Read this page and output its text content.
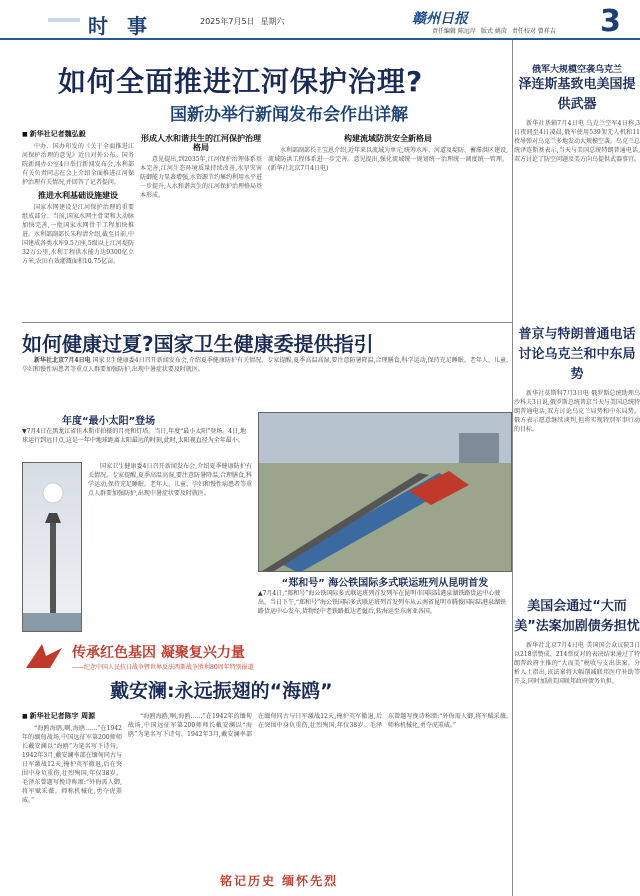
时 事	2025年7月5日 星期六	赣州日报
责任编辑 陈远岸 版式 姚茵 责任校对 曾祥吉 3
如何全面推进江河保护治理?
国新办举行新闻发布会作出详解
■ 新华社记者魏弘毅

中办、国办印发的《关于全面推进江河保护治理的意见》近日对外公布。国务院新闻办公室4日举行新闻发布会,水利部有关负责同志在会上介绍全面推进江河保护治理有关情况,并回答了记者提问。

推进水利基础设施建设

国家水网建设是江河保护治理的重要组成部分。当前,国家水网主骨架和大动脉加快完善,一批国家水网骨干工程加快推进。水利部副部长朱程清介绍,截至目前,中国建成各类水库9.5万座,5级以上江河堤防32万公里,水利工程供水能力达9300亿立方米,农田有效灌溉面积10.75亿亩。

形成人水和谐共生的江河保护治理格局

意见提出,到2035年,江河保护治理体系基本完善,江河生态环境质量持续改善,水旱灾害防御能力显著增强,水资源节约集约利用水平进一步提升,人水和谐共生的江河保护治理格局基本形成。

构建流域防洪安全新格局

水利部副部长王宝恩介绍,近年来以流域为单元,统筹水库、河道及堤防、蓄滞洪区建设,流域防洪工程体系进一步完善。意见提出,强化流域统一规划统一治理统一调度统一管理。(新华社北京7月4日电)

如何健康过夏?国家卫生健康委提供指引

新华社北京7月4日电 国家卫生健康委4日召开新闻发布会,介绍夏季健康防护有关情况。专家提醒,夏季高温高湿,要注意防暑降温,合理膳食,科学运动,保持充足睡眠。老年人、儿童、孕妇和慢性病患者等重点人群要加强防护,出现中暑症状要及时就医。

年度“最小太阳”登场
▼7月4日在黑龙江省佳木斯市拍摄的月亮和灯塔。当日,年度“最小太阳”登场。4日,地球运行到远日点,这是一年中地球距离太阳最远的时刻,此时,太阳视直径为全年最小。

国家卫生健康委4日召开新闻发布会,介绍夏季健康防护有关情况。专家提醒,夏季高温高湿,要注意防暑降温,合理膳食,科学运动,保持充足睡眠。老年人、儿童、孕妇和慢性病患者等重点人群要加强防护,出现中暑症状要及时就医。

“郑和号” 海公铁国际多式联运班列从昆明首发
▲7月4日,“郑和号”海公铁国际多式联运班列首发列车在昆明市国际陆港泉湖铁路货运中心驶出。当日下午,“郑和号”海公铁国际多式联运班列首发列车从云南省昆明市腾俊国际陆港泉湖铁路货运中心发车,货物经中老铁路抵达老挝后,转海运至东南亚各国。
传承红色基因 凝聚复兴力量
——纪念中国人民抗日战争暨世界反法西斯战争胜利80周年特别报道
戴安澜:永远振翅的“海鸥”
■ 新华社记者陈宇 周源

“海鸥海鸥,啊,海鸥……”在1942年的缅甸战场,中国远征军第200师师长戴安澜以“海鸥”为笔名写下诗句。1942年3月,戴安澜率部在缅甸同古与日军激战12天,掩护英军撤退,后在突围中身负重伤,壮烈殉国,年仅38岁。毛泽东曾题写挽诗称颂:“外侮需人御,将军赋采薇。师称机械化,勇夺虎罴威。”

“海鸥海鸥,啊,海鸥……”在1942年的缅甸战场,中国远征军第200师师长戴安澜以“海鸥”为笔名写下诗句。1942年3月,戴安澜率部在缅甸同古与日军激战12天,掩护英军撤退,后在突围中身负重伤,壮烈殉国,年仅38岁。毛泽东曾题写挽诗称颂:“外侮需人御,将军赋采薇。师称机械化,勇夺虎罴威。”

铭记历史 缅怀先烈
俄军大规模空袭乌克兰
泽连斯基致电美国提供武器

新华社基辅7月4日电 乌克兰空军4日称,3日夜间至4日凌晨,俄军使用539架无人机和11枚导弹对乌克兰多地发动大规模空袭。乌克兰总统泽连斯基表示,当天与美国总统特朗普通电话,双方讨论了防空问题及美方向乌提供武器事宜。

普京与特朗普通电话讨论乌克兰和中东局势

新华社莫斯科7月3日电 俄罗斯总统助理乌沙科夫3日说,俄罗斯总统普京当天与美国总统特朗普通电话,双方讨论乌克兰局势和中东局势。俄方表示愿意继续谈判,但将实现特别军事行动的目标。

美国会通过“大而美”法案加剧债务担忧

新华社北京7月4日电 美国国会众议院3日以218票赞成、214票反对的表决结果通过了特朗普政府主推的“大而美”税收与支出法案。分析人士指出,该法案将大幅削减联邦医疗补助等开支,同时加剧美国联邦政府债务负担。
